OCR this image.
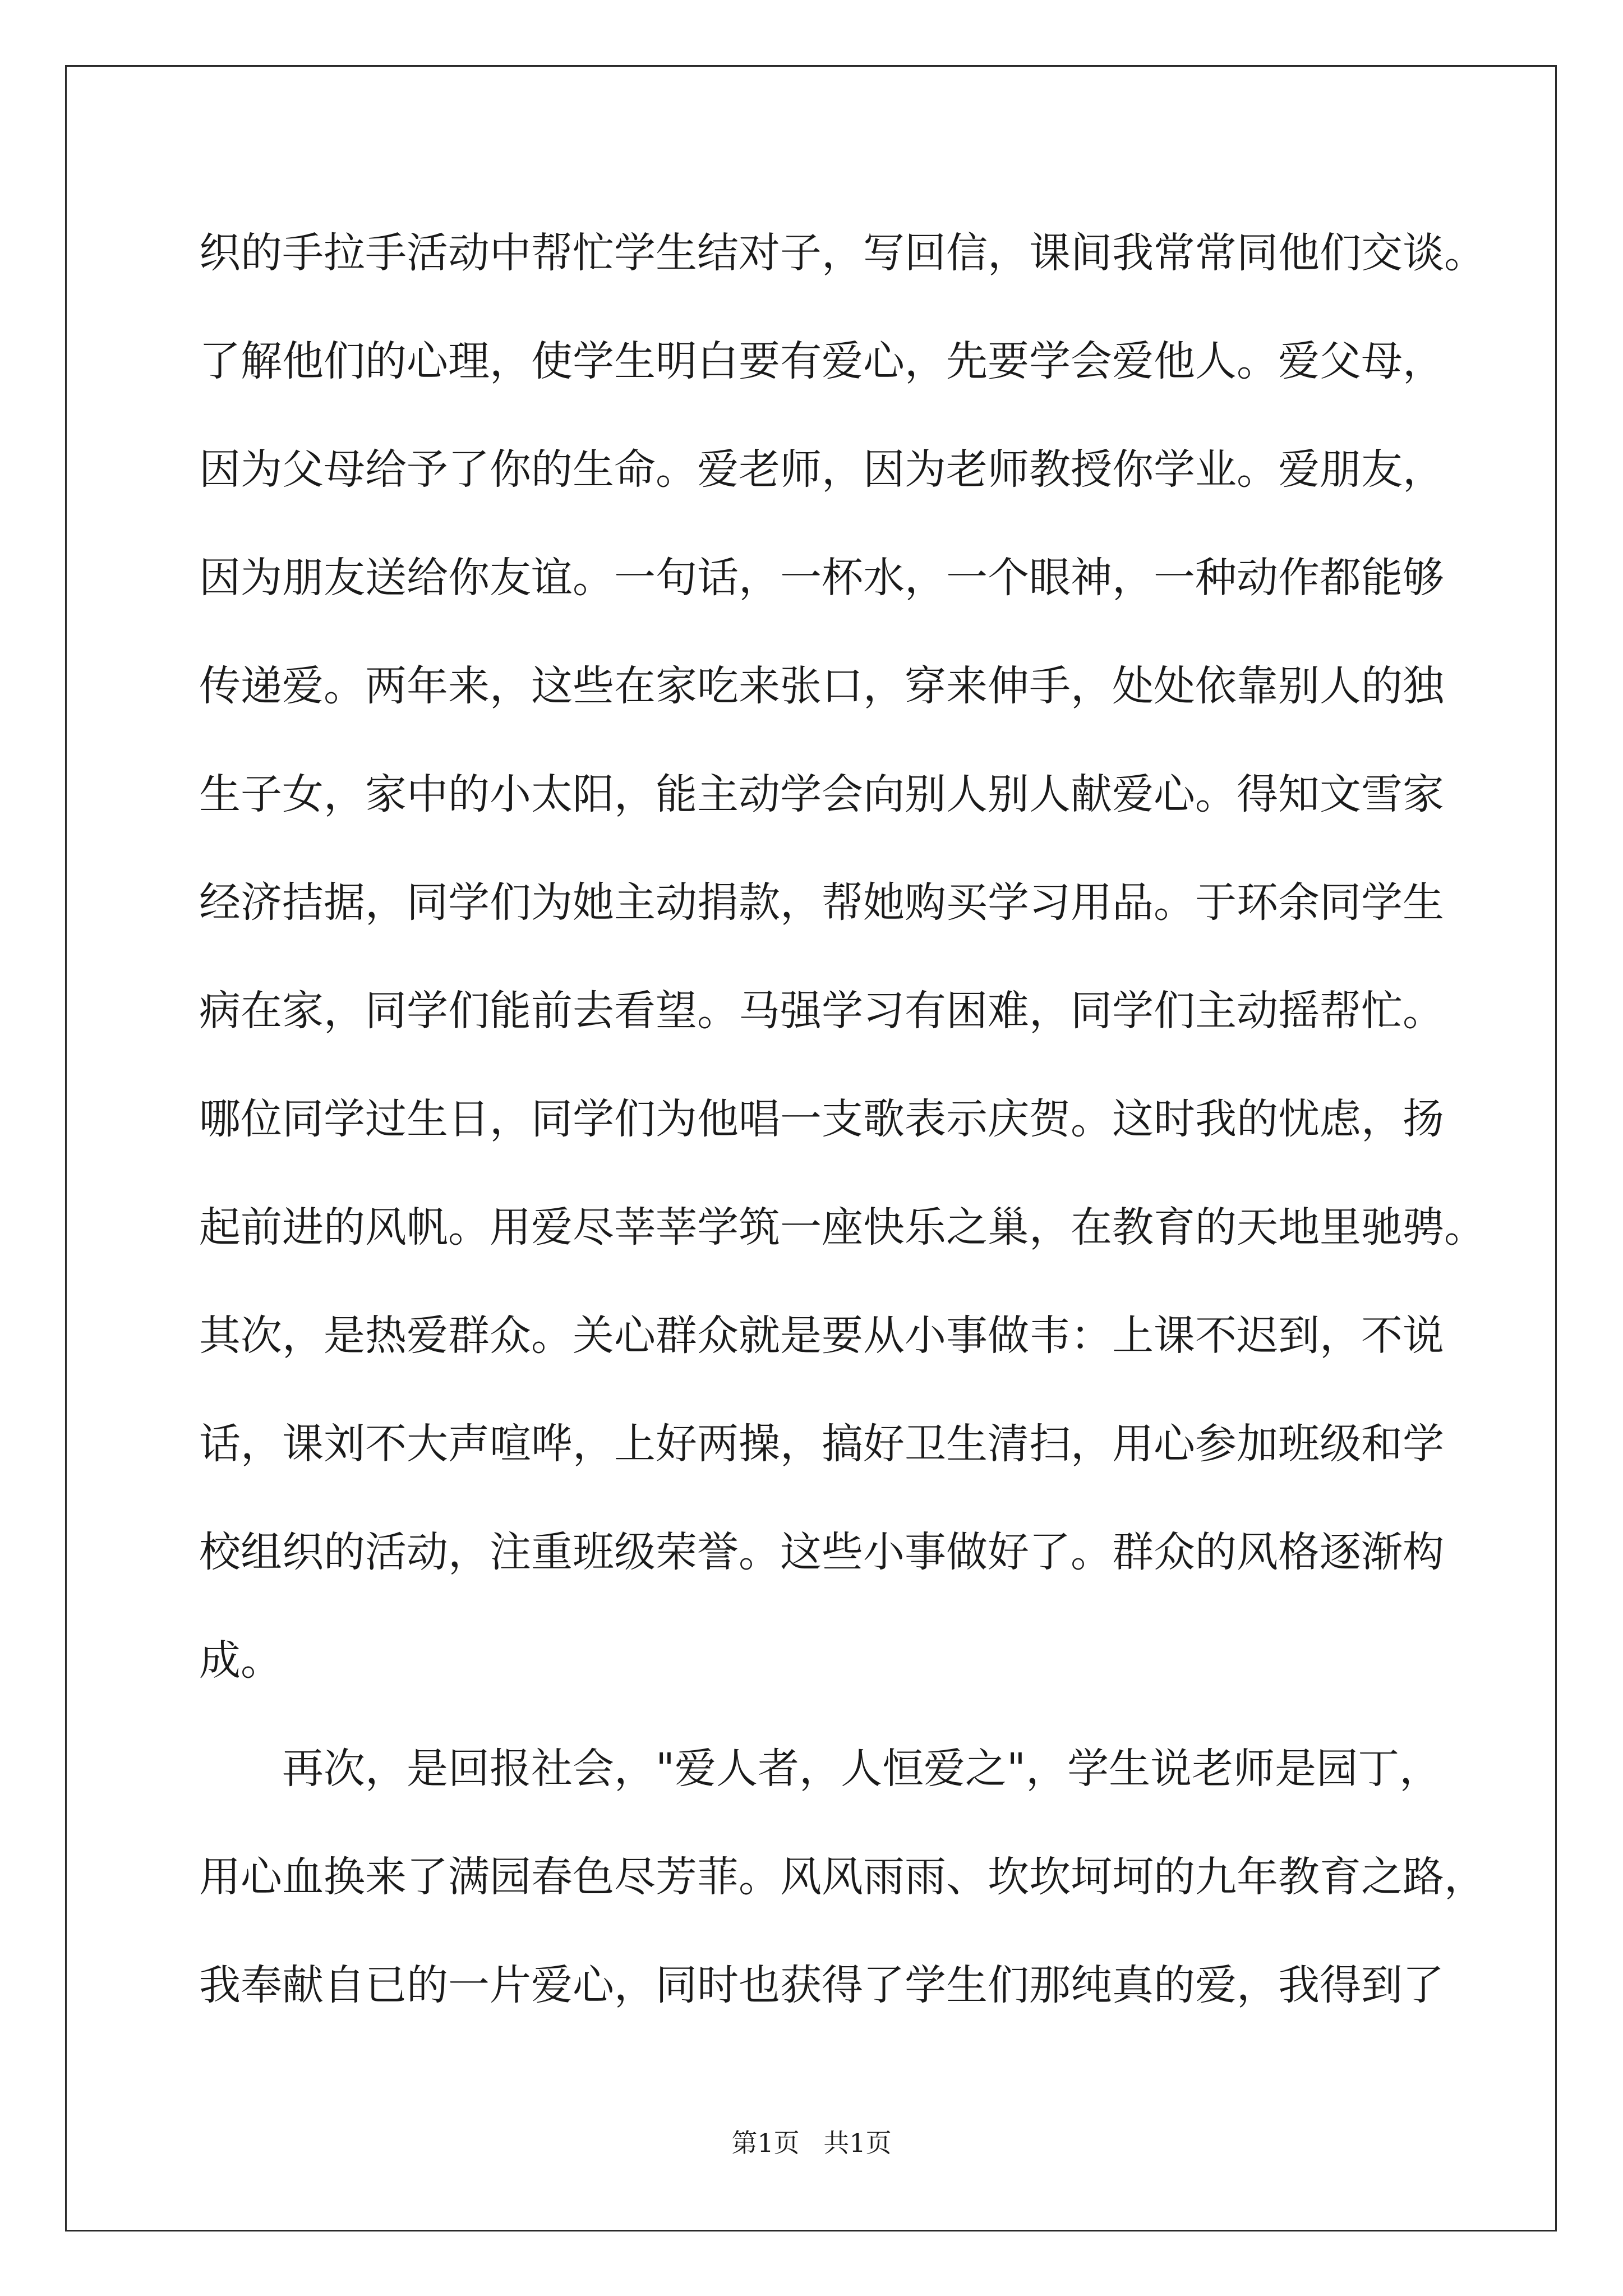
织的手拉手活动中帮忙学生结对子，写回信，课间我常常同他们交谈。
了解他们的心理，使学生明白要有爱心，先要学会爱他人。爱父母，
因为父母给予了你的生命。爱老师，因为老师教授你学业。爱朋友，
因为朋友送给你友谊。一句话，一杯水，一个眼神，一种动作都能够
传递爱。两年来，这些在家吃来张口，穿来伸手，处处依靠别人的独
生子女，家中的小太阳，能主动学会向别人别人献爱心。得知文雪家
经济拮据，同学们为她主动捐款，帮她购买学习用品。于环余同学生
病在家，同学们能前去看望。马强学习有困难，同学们主动摇帮忙。
哪位同学过生日，同学们为他唱一支歌表示庆贺。这时我的忧虑，扬
起前进的风帆。用爱尽莘莘学筑一座快乐之巢，在教育的天地里驰骋。
其次，是热爱群众。关心群众就是要从小事做韦：上课不迟到，不说
话，课刘不大声喧哗，上好两操，搞好卫生清扫，用心参加班级和学
校组织的活动，注重班级荣誉。这些小事做好了。群众的风格逐渐构
成。
　　再次，是回报社会，"爱人者，人恒爱之"，学生说老师是园丁，
用心血换来了满园春色尽芳菲。风风雨雨、坎坎坷坷的九年教育之路，
我奉献自已的一片爱心，同时也获得了学生们那纯真的爱，我得到了
第1页 共1页
